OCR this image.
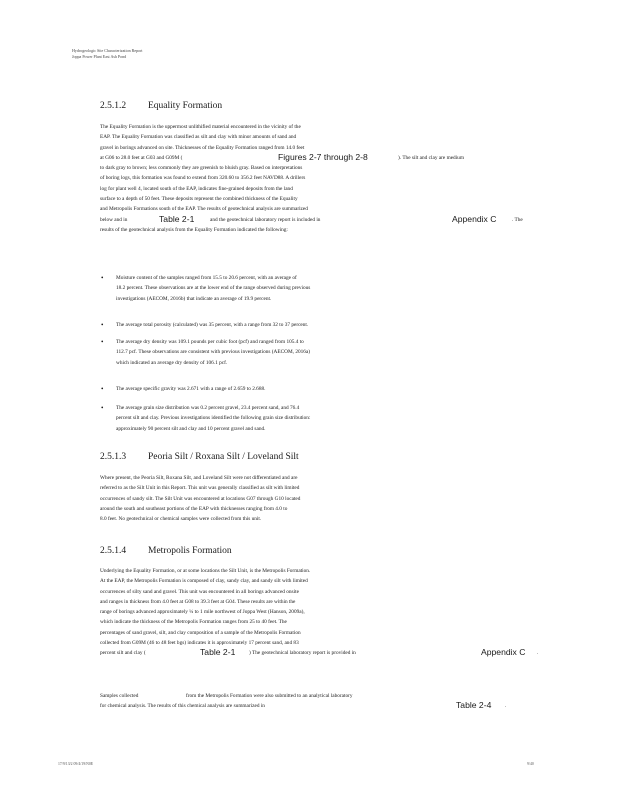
Hydrogeologic Site Characterization Report
Joppa Power Plant East Ash Pond
2.5.1.2 Equality Formation
The Equality Formation is the uppermost unlithified material encountered in the vicinity of the
EAP. The Equality Formation was classified as silt and clay with minor amounts of sand and
gravel in borings advanced on site. Thicknesses of the Equality Formation ranged from 14.0 feet
at G06 to 28.0 feet at G03 and G09M (	Figures 2-7 through 2-8	). The silt and clay are medium
to dark gray to brown; less commonly they are greenish to bluish gray. Based on interpretations
of boring logs, this formation was found to extend from 320.60 to 356.2 feet NAVD88. A drillers
log for plant well 4, located south of the EAP, indicates fine-grained deposits from the land
surface to a depth of 50 feet. These deposits represent the combined thickness of the Equality
and Metropolis Formations south of the EAP. The results of geotechnical analysis are summarized
below and in	Table 2-1	and the geotechnical laboratory report is included in	Appendix C	. The
results of the geotechnical analysis from the Equality Formation indicated the following:
• Moisture content of the samples ranged from 15.5 to 20.6 percent, with an average of
18.2 percent. These observations are at the lower end of the range observed during previous
investigations (AECOM, 2016b) that indicate an average of 19.9 percent.
• The average total porosity (calculated) was 35 percent, with a range from 32 to 37 percent.
• The average dry density was 109.1 pounds per cubic foot (pcf) and ranged from 105.4 to
112.7 pcf. These observations are consistent with previous investigations (AECOM, 2016a)
which indicated an average dry density of 106.1 pcf.
• The average specific gravity was 2.671 with a range of 2.659 to 2.688.
• The average grain size distribution was 0.2 percent gravel, 23.4 percent sand, and 76.4
percent silt and clay. Previous investigations identified the following grain size distribution:
approximately 90 percent silt and clay and 10 percent gravel and sand.
2.5.1.3 Peoria Silt / Roxana Silt / Loveland Silt
Where present, the Peoria Silt, Roxana Silt, and Loveland Silt were not differentiated and are
referred to as the Silt Unit in this Report. This unit was generally classified as silt with limited
occurrences of sandy silt. The Silt Unit was encountered at locations G07 through G10 located
around the south and southeast portions of the EAP with thicknesses ranging from 4.0 to
8.0 feet. No geotechnical or chemical samples were collected from this unit.
2.5.1.4 Metropolis Formation
Underlying the Equality Formation, or at some locations the Silt Unit, is the Metropolis Formation.
At the EAP, the Metropolis Formation is composed of clay, sandy clay, and sandy silt with limited
occurrences of silty sand and gravel. This unit was encountered in all borings advanced onsite
and ranges in thickness from 4.0 feet at G08 to 39.3 feet at G04. These results are within the
range of borings advanced approximately ¼ to 1 mile northwest of Joppa West (Hanson, 2009a),
which indicate the thickness of the Metropolis Formation ranges from 25 to 40 feet. The
percentages of sand gravel, silt, and clay composition of a sample of the Metropolis Formation
collected from G09M (46 to 48 feet bgs) indicates it is approximately 17 percent sand, and 83
percent silt and clay (	Table 2-1	) The geotechnical laboratory report is provided in	Appendix C .
Samples collected	from the Metropolis Formation were also submitted to an analytical laboratory
for chemical analysis. The results of this chemical analysis are summarized in	Table 2-4	.
17/9/13/2 09/4/19/N0E	9/40
